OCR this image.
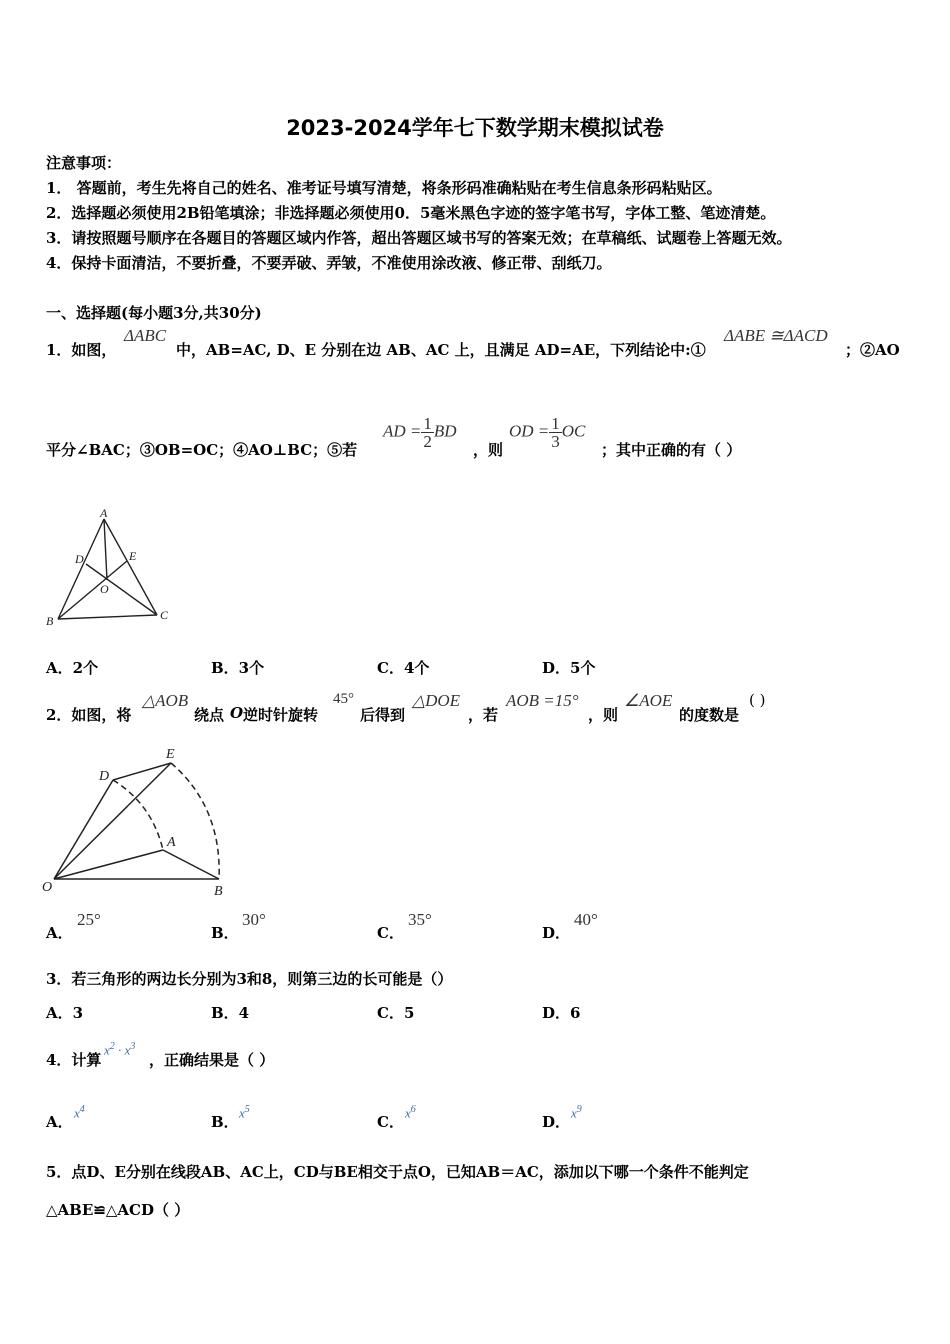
2023-2024学年七下数学期末模拟试卷
注意事项：
1． 答题前，考生先将自己的姓名、准考证号填写清楚，将条形码准确粘贴在考生信息条形码粘贴区。
2．选择题必须使用2B铅笔填涂；非选择题必须使用0．5毫米黑色字迹的签字笔书写，字体工整、笔迹清楚。
3．请按照题号顺序在各题目的答题区域内作答，超出答题区域书写的答案无效；在草稿纸、试题卷上答题无效。
4．保持卡面清洁，不要折叠，不要弄破、弄皱，不准使用涂改液、修正带、刮纸刀。
一、选择题(每小题3分,共30分)
1．如图，
ΔABC
中，AB=AC, D、E 分别在边 AB、AC 上，且满足 AD=AE，下列结论中:①
ΔABE ≅ΔACD
；②AO
平分∠BAC；③OB=OC；④AO⊥BC；⑤若
AD = $\frac{1}{2}$ BD
，则
OD = $\frac{1}{3}$ OC
；其中正确的有（ ）
A
B	C
D	E
O
A．2个	B．3个	C．4个	D．5个
2．如图，将
△AOB
绕点 O 逆时针旋转
45°
后得到
△DOE
，若
AOB =15°
，则
∠AOE
的度数是
( )
O	B
A
D
E
A．
25°
B．
30°
C．
35°
D．
40°
3．若三角形的两边长分别为3和8，则第三边的长可能是（）
A．3	B．4	C．5	D．6
4．计算
$x^2 \cdot x^3$
，正确结果是（ ）
A．
$x^4$
B．
$x^5$
C．
$x^6$
D．
$x^9$
5．点D、E分别在线段AB、AC上，CD与BE相交于点O，已知AB＝AC，添加以下哪一个条件不能判定
△ABE≌△ACD（ ）
